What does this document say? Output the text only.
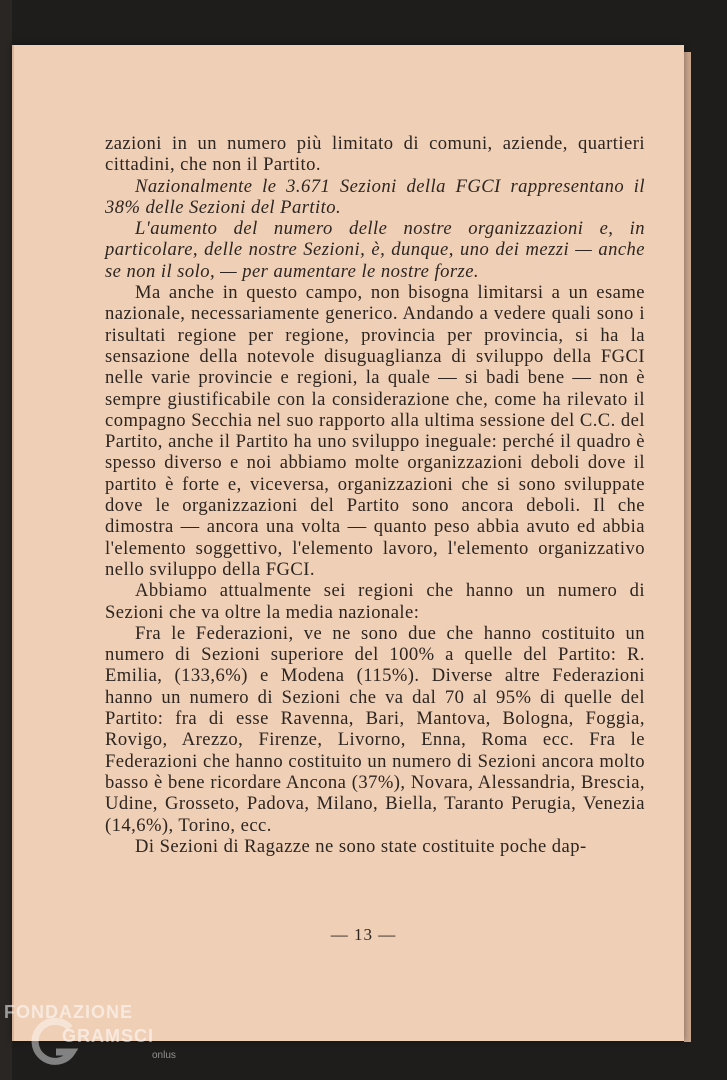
zazioni in un numero più limitato di comuni, aziende, quartieri cittadini, che non il Partito.

Nazionalmente le 3.671 Sezioni della FGCI rappresentano il 38% delle Sezioni del Partito.

L'aumento del numero delle nostre organizzazioni e, in particolare, delle nostre Sezioni, è, dunque, uno dei mezzi — anche se non il solo, — per aumentare le nostre forze.

Ma anche in questo campo, non bisogna limitarsi a un esame nazionale, necessariamente generico. Andando a vedere quali sono i risultati regione per regione, provincia per provincia, si ha la sensazione della notevole disuguaglianza di sviluppo della FGCI nelle varie provincie e regioni, la quale — si badi bene — non è sempre giustificabile con la considerazione che, come ha rilevato il compagno Secchia nel suo rapporto alla ultima sessione del C.C. del Partito, anche il Partito ha uno sviluppo ineguale: perché il quadro è spesso diverso e noi abbiamo molte organizzazioni deboli dove il partito è forte e, viceversa, organizzazioni che si sono sviluppate dove le organizzazioni del Partito sono ancora deboli. Il che dimostra — ancora una volta — quanto peso abbia avuto ed abbia l'elemento soggettivo, l'elemento lavoro, l'elemento organizzativo nello sviluppo della FGCI.

Abbiamo attualmente sei regioni che hanno un numero di Sezioni che va oltre la media nazionale:

Fra le Federazioni, ve ne sono due che hanno costituito un numero di Sezioni superiore del 100% a quelle del Partito: R. Emilia, (133,6%) e Modena (115%). Diverse altre Federazioni hanno un numero di Sezioni che va dal 70 al 95% di quelle del Partito: fra di esse Ravenna, Bari, Mantova, Bologna, Foggia, Rovigo, Arezzo, Firenze, Livorno, Enna, Roma ecc. Fra le Federazioni che hanno costituito un numero di Sezioni ancora molto basso è bene ricordare Ancona (37%), Novara, Alessandria, Brescia, Udine, Grosseto, Padova, Milano, Biella, Taranto Perugia, Venezia (14,6%), Torino, ecc.

Di Sezioni di Ragazze ne sono state costituite poche dap-

— 13 —
FONDAZIONE
GRAMSCI
onlus
